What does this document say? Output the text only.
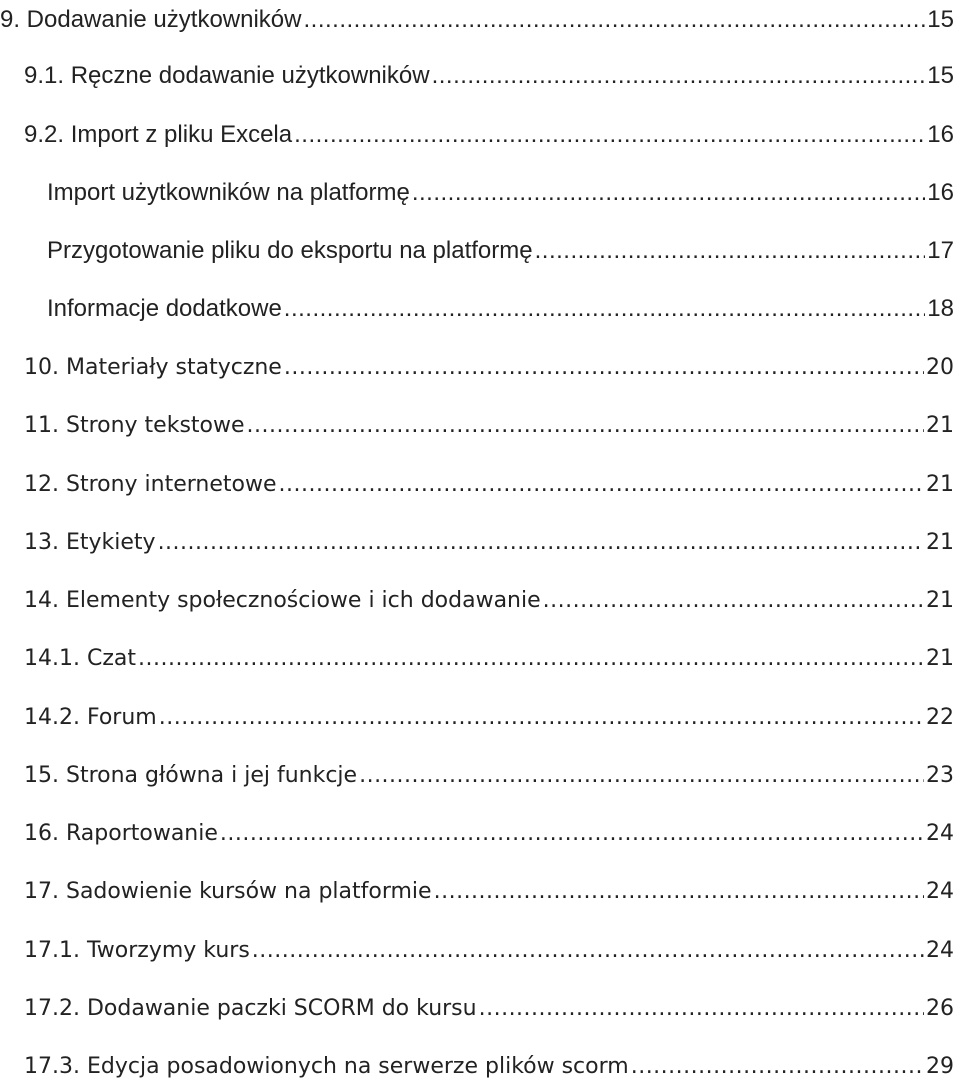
9. Dodawanie użytkowników .....	15
9.1. Ręczne dodawanie użytkowników .....	15
9.2. Import z pliku Excela .....	16
Import użytkowników na platformę .....	16
Przygotowanie pliku do eksportu na platformę .....	17
Informacje dodatkowe .....	18
10. Materiały statyczne .....	20
11. Strony tekstowe .....	21
12. Strony internetowe .....	21
13. Etykiety .....	21
14. Elementy społecznościowe i ich dodawanie .....	21
14.1. Czat .....	21
14.2. Forum .....	22
15. Strona główna i jej funkcje .....	23
16. Raportowanie .....	24
17. Sadowienie kursów na platformie .....	24
17.1. Tworzymy kurs .....	24
17.2. Dodawanie paczki SCORM do kursu .....	26
17.3. Edycja posadowionych na serwerze plików scorm .....	29
